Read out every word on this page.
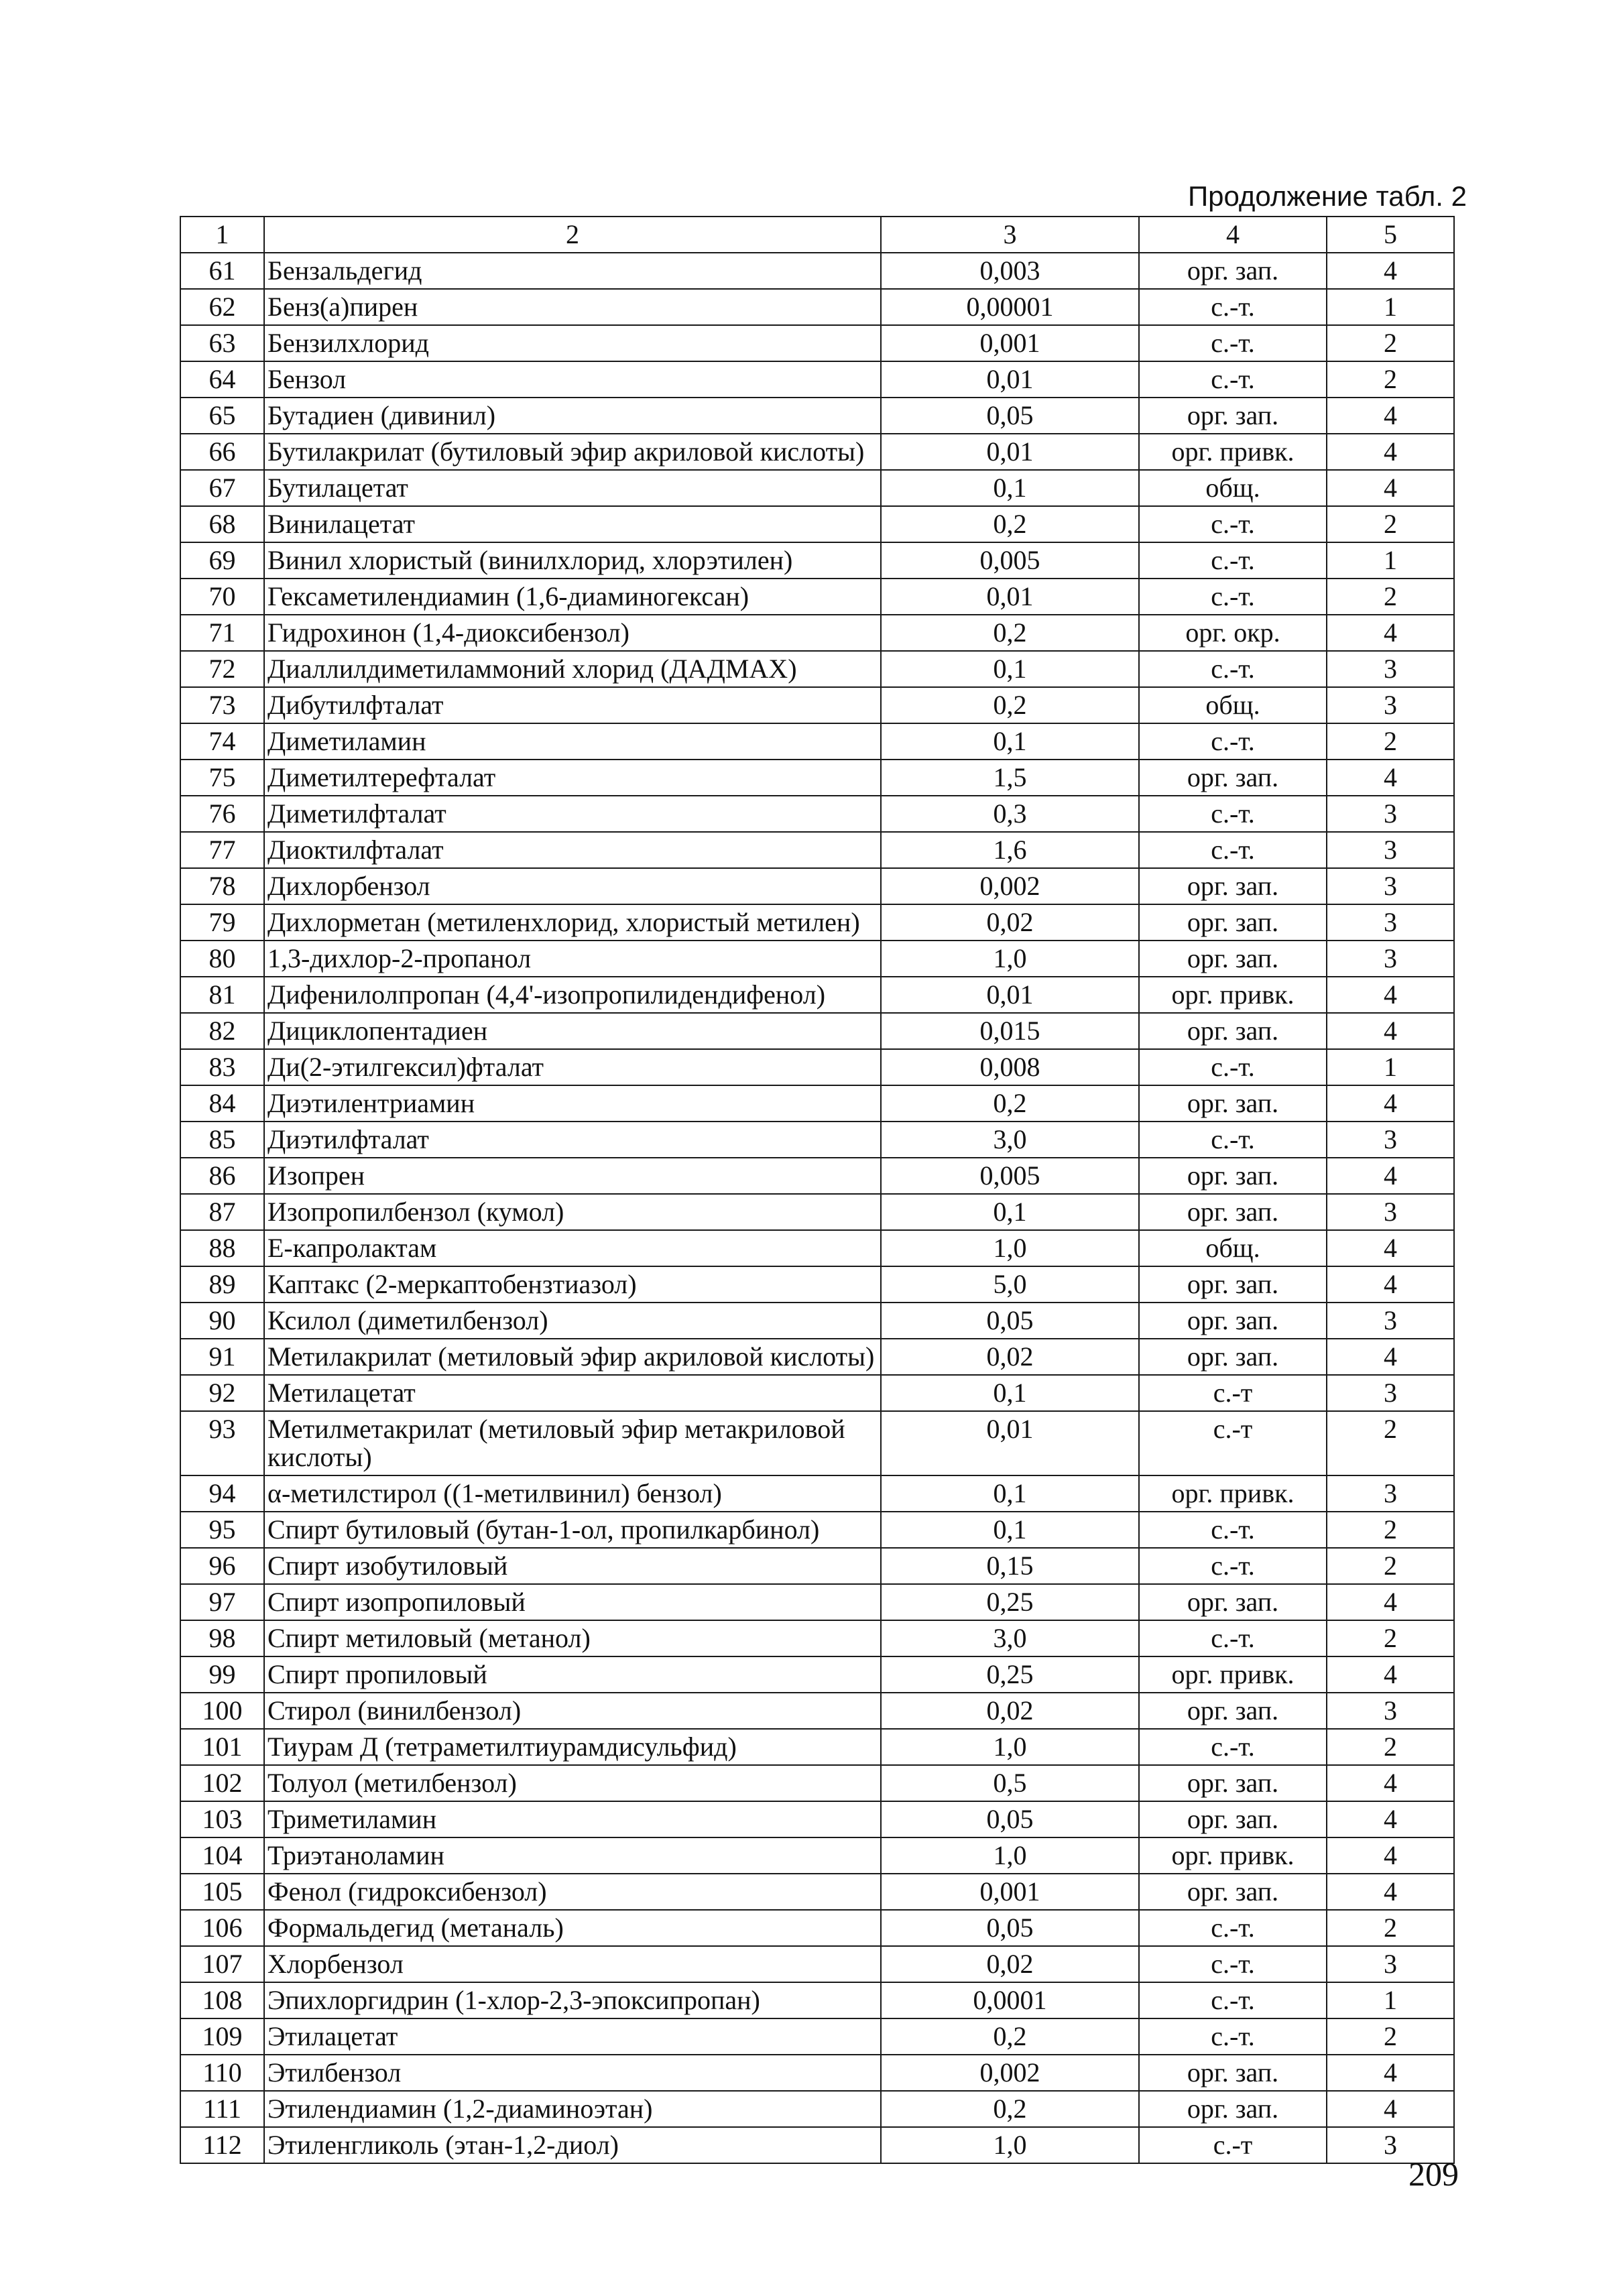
Продолжение табл. 2
1	2	3	4	5
61	Бензальдегид	0,003	орг. зап.	4
62	Бенз(а)пирен	0,00001	с.-т.	1
63	Бензилхлорид	0,001	с.-т.	2
64	Бензол	0,01	с.-т.	2
65	Бутадиен (дивинил)	0,05	орг. зап.	4
66	Бутилакрилат (бутиловый эфир акриловой кислоты)	0,01	орг. привк.	4
67	Бутилацетат	0,1	общ.	4
68	Винилацетат	0,2	с.-т.	2
69	Винил хлористый (винилхлорид, хлорэтилен)	0,005	с.-т.	1
70	Гексаметилендиамин (1,6-диаминогексан)	0,01	с.-т.	2
71	Гидрохинон (1,4-диоксибензол)	0,2	орг. окр.	4
72	Диаллилдиметиламмоний хлорид (ДАДМАХ)	0,1	с.-т.	3
73	Дибутилфталат	0,2	общ.	3
74	Диметиламин	0,1	с.-т.	2
75	Диметилтерефталат	1,5	орг. зап.	4
76	Диметилфталат	0,3	с.-т.	3
77	Диоктилфталат	1,6	с.-т.	3
78	Дихлорбензол	0,002	орг. зап.	3
79	Дихлорметан (метиленхлорид, хлористый метилен)	0,02	орг. зап.	3
80	1,3-дихлор-2-пропанол	1,0	орг. зап.	3
81	Дифенилолпропан (4,4'-изопропилидендифенол)	0,01	орг. привк.	4
82	Дициклопентадиен	0,015	орг. зап.	4
83	Ди(2-этилгексил)фталат	0,008	с.-т.	1
84	Диэтилентриамин	0,2	орг. зап.	4
85	Диэтилфталат	3,0	с.-т.	3
86	Изопрен	0,005	орг. зап.	4
87	Изопропилбензол (кумол)	0,1	орг. зап.	3
88	Е-капролактам	1,0	общ.	4
89	Каптакс (2-меркаптобензтиазол)	5,0	орг. зап.	4
90	Ксилол (диметилбензол)	0,05	орг. зап.	3
91	Метилакрилат (метиловый эфир акриловой кислоты)	0,02	орг. зап.	4
92	Метилацетат	0,1	с.-т	3
93	Метилметакрилат (метиловый эфир метакриловой кислоты)	0,01	с.-т	2
94	α-метилстирол ((1-метилвинил) бензол)	0,1	орг. привк.	3
95	Спирт бутиловый (бутан-1-ол, пропилкарбинол)	0,1	с.-т.	2
96	Спирт изобутиловый	0,15	с.-т.	2
97	Спирт изопропиловый	0,25	орг. зап.	4
98	Спирт метиловый (метанол)	3,0	с.-т.	2
99	Спирт пропиловый	0,25	орг. привк.	4
100	Стирол (винилбензол)	0,02	орг. зап.	3
101	Тиурам Д (тетраметилтиурамдисульфид)	1,0	с.-т.	2
102	Толуол (метилбензол)	0,5	орг. зап.	4
103	Триметиламин	0,05	орг. зап.	4
104	Триэтаноламин	1,0	орг. привк.	4
105	Фенол (гидроксибензол)	0,001	орг. зап.	4
106	Формальдегид (метаналь)	0,05	с.-т.	2
107	Хлорбензол	0,02	с.-т.	3
108	Эпихлоргидрин (1-хлор-2,3-эпоксипропан)	0,0001	с.-т.	1
109	Этилацетат	0,2	с.-т.	2
110	Этилбензол	0,002	орг. зап.	4
111	Этилендиамин (1,2-диаминоэтан)	0,2	орг. зап.	4
112	Этиленгликоль (этан-1,2-диол)	1,0	с.-т	3
209
